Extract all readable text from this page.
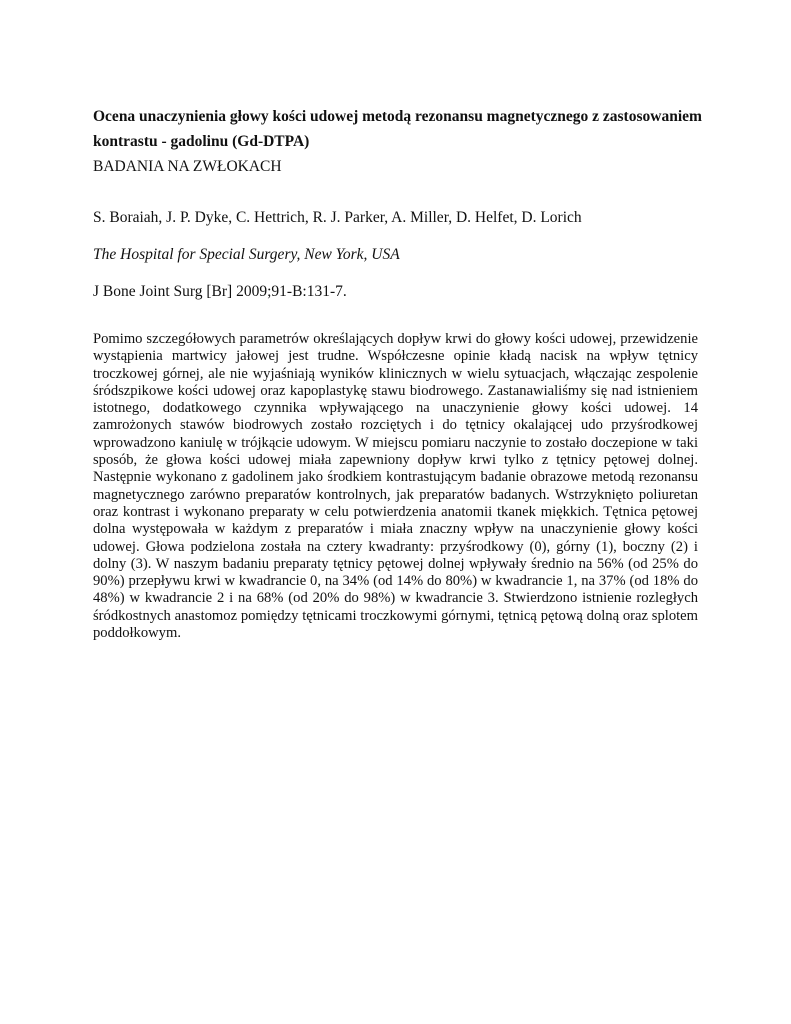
Ocena unaczynienia głowy kości udowej metodą rezonansu magnetycznego z zastosowaniem kontrastu - gadolinu (Gd-DTPA)

BADANIA NA ZWŁOKACH

S. Boraiah, J. P. Dyke, C. Hettrich, R. J. Parker, A. Miller, D. Helfet, D. Lorich

The Hospital for Special Surgery, New York, USA

J Bone Joint Surg [Br] 2009;91-B:131-7.

Pomimo szczegółowych parametrów określających dopływ krwi do głowy kości udowej, przewidzenie wystąpienia martwicy jałowej jest trudne. Współczesne opinie kładą nacisk na wpływ tętnicy troczkowej górnej, ale nie wyjaśniają wyników klinicznych w wielu sytuacjach, włączając zespolenie śródszpikowe kości udowej oraz kapoplastykę stawu biodrowego. Zastanawialiśmy się nad istnieniem istotnego, dodatkowego czynnika wpływającego na unaczynienie głowy kości udowej. 14 zamrożonych stawów biodrowych zostało rozciętych i do tętnicy okalającej udo przyśrodkowej wprowadzono kaniulę w trójkącie udowym. W miejscu pomiaru naczynie to zostało doczepione w taki sposób, że głowa kości udowej miała zapewniony dopływ krwi tylko z tętnicy pętowej dolnej. Następnie wykonano z gadolinem jako środkiem kontrastującym badanie obrazowe metodą rezonansu magnetycznego zarówno preparatów kontrolnych, jak preparatów badanych. Wstrzyknięto poliuretan oraz kontrast i wykonano preparaty w celu potwierdzenia anatomii tkanek miękkich. Tętnica pętowej dolna występowała w każdym z preparatów i miała znaczny wpływ na unaczynienie głowy kości udowej. Głowa podzielona została na cztery kwadranty: przyśrodkowy (0), górny (1), boczny (2) i dolny (3). W naszym badaniu preparaty tętnicy pętowej dolnej wpływały średnio na 56% (od 25% do 90%) przepływu krwi w kwadrancie 0, na 34% (od 14% do 80%) w kwadrancie 1, na 37% (od 18% do 48%) w kwadrancie 2 i na 68% (od 20% do 98%) w kwadrancie 3. Stwierdzono istnienie rozległych śródkostnych anastomoz pomiędzy tętnicami troczkowymi górnymi, tętnicą pętową dolną oraz splotem poddołkowym.
